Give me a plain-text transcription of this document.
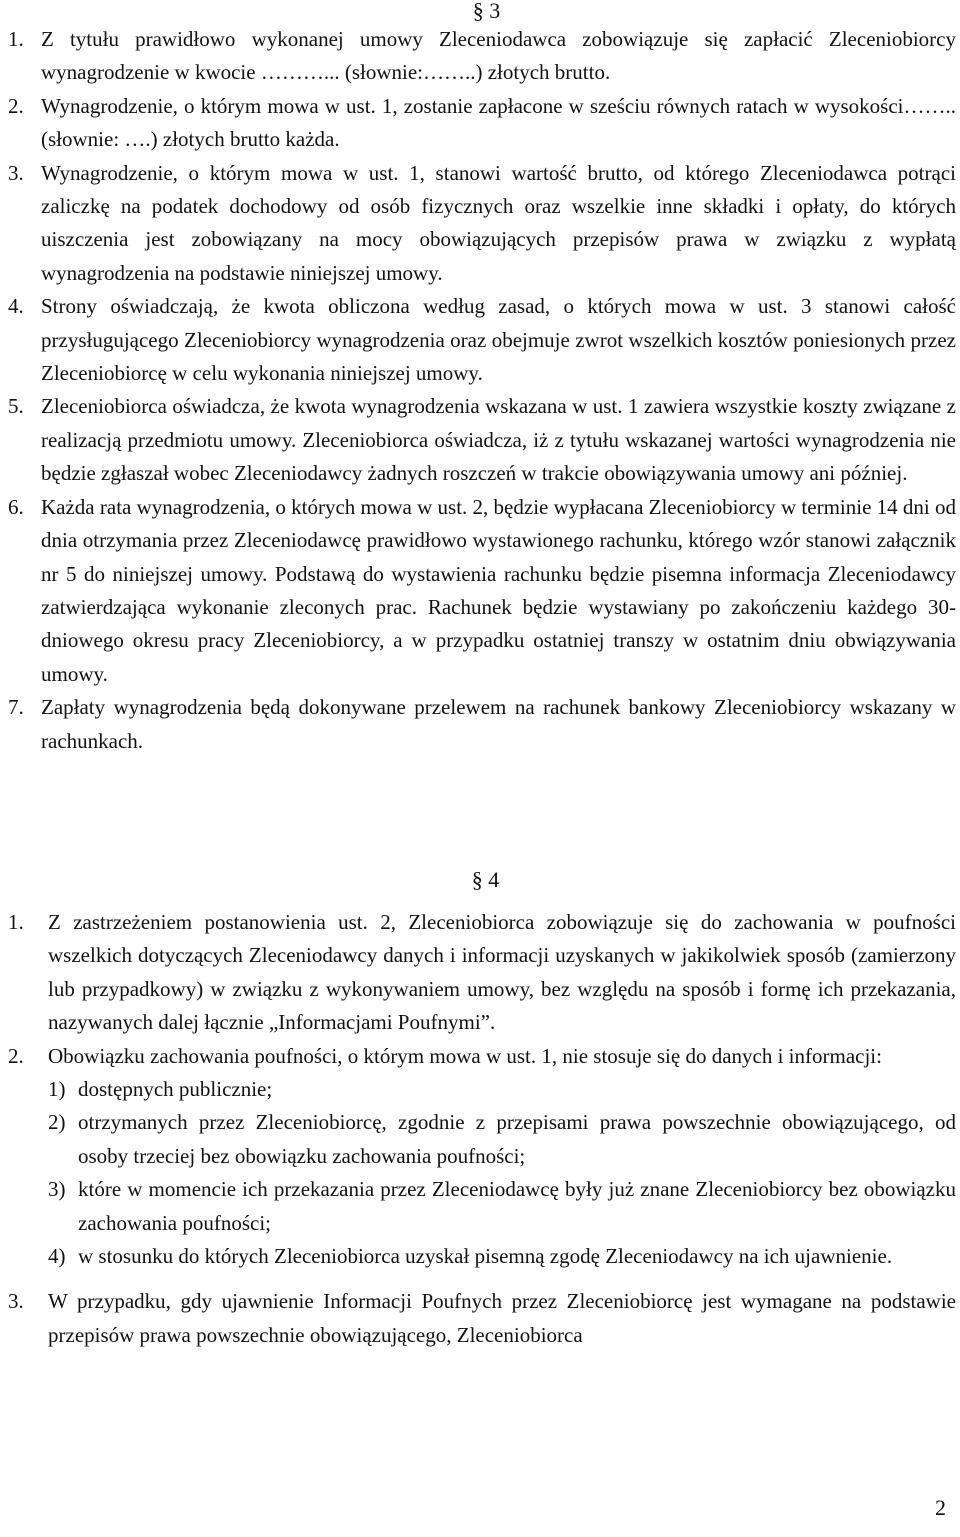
§ 3
1. Z tytułu prawidłowo wykonanej umowy Zleceniodawca zobowiązuje się zapłacić Zleceniobiorcy wynagrodzenie w kwocie ………... (słownie:……..) złotych brutto.
2. Wynagrodzenie, o którym mowa w ust. 1, zostanie zapłacone w sześciu równych ratach w wysokości…….. (słownie: ….) złotych brutto każda.
3. Wynagrodzenie, o którym mowa w ust. 1, stanowi wartość brutto, od którego Zleceniodawca potrąci zaliczkę na podatek dochodowy od osób fizycznych oraz wszelkie inne składki i opłaty, do których uiszczenia jest zobowiązany na mocy obowiązujących przepisów prawa w związku z wypłatą wynagrodzenia na podstawie niniejszej umowy.
4. Strony oświadczają, że kwota obliczona według zasad, o których mowa w ust. 3 stanowi całość przysługującego Zleceniobiorcy wynagrodzenia oraz obejmuje zwrot wszelkich kosztów poniesionych przez Zleceniobiorcę w celu wykonania niniejszej umowy.
5. Zleceniobiorca oświadcza, że kwota wynagrodzenia wskazana w ust. 1 zawiera wszystkie koszty związane z realizacją przedmiotu umowy. Zleceniobiorca oświadcza, iż z tytułu wskazanej wartości wynagrodzenia nie będzie zgłaszał wobec Zleceniodawcy żadnych roszczeń w trakcie obowiązywania umowy ani później.
6. Każda rata wynagrodzenia, o których mowa w ust. 2, będzie wypłacana Zleceniobiorcy w terminie 14 dni od dnia otrzymania przez Zleceniodawcę prawidłowo wystawionego rachunku, którego wzór stanowi załącznik nr 5 do niniejszej umowy. Podstawą do wystawienia rachunku będzie pisemna informacja Zleceniodawcy zatwierdzająca wykonanie zleconych prac. Rachunek będzie wystawiany po zakończeniu każdego 30-dniowego okresu pracy Zleceniobiorcy, a w przypadku ostatniej transzy w ostatnim dniu obwiązywania umowy.
7. Zapłaty wynagrodzenia będą dokonywane przelewem na rachunek bankowy Zleceniobiorcy wskazany w rachunkach.
§ 4
1. Z zastrzeżeniem postanowienia ust. 2, Zleceniobiorca zobowiązuje się do zachowania w poufności wszelkich dotyczących Zleceniodawcy danych i informacji uzyskanych w jakikolwiek sposób (zamierzony lub przypadkowy) w związku z wykonywaniem umowy, bez względu na sposób i formę ich przekazania, nazywanych dalej łącznie „Informacjami Poufnymi”.
2. Obowiązku zachowania poufności, o którym mowa w ust. 1, nie stosuje się do danych i informacji:
1) dostępnych publicznie;
2) otrzymanych przez Zleceniobiorcę, zgodnie z przepisami prawa powszechnie obowiązującego, od osoby trzeciej bez obowiązku zachowania poufności;
3) które w momencie ich przekazania przez Zleceniodawcę były już znane Zleceniobiorcy bez obowiązku zachowania poufności;
4) w stosunku do których Zleceniobiorca uzyskał pisemną zgodę Zleceniodawcy na ich ujawnienie.
3. W przypadku, gdy ujawnienie Informacji Poufnych przez Zleceniobiorcę jest wymagane na podstawie przepisów prawa powszechnie obowiązującego, Zleceniobiorca
2
